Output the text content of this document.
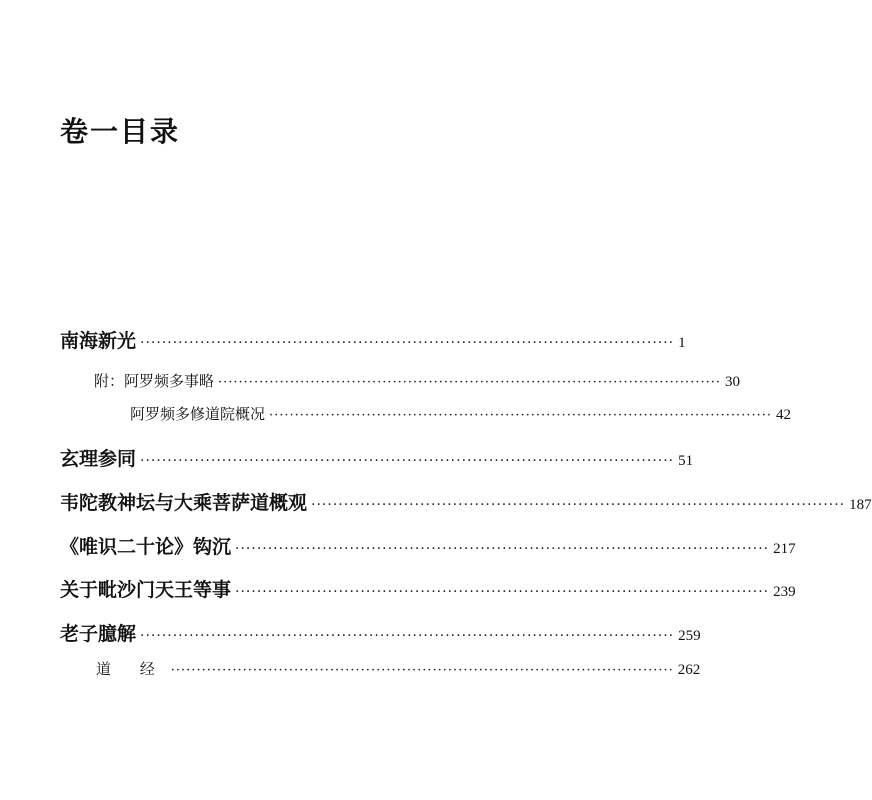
卷一目录
南海新光 ·································································································· 1
附：阿罗频多事略 ·································································································· 30
阿罗频多修道院概况 ·································································································· 42
玄理参同 ·································································································· 51
韦陀教神坛与大乘菩萨道概观 ·································································································· 187
《唯识二十论》钩沉 ·································································································· 217
关于毗沙门天王等事 ·································································································· 239
老子臆解 ·································································································· 259
道 经 ·································································································· 262
